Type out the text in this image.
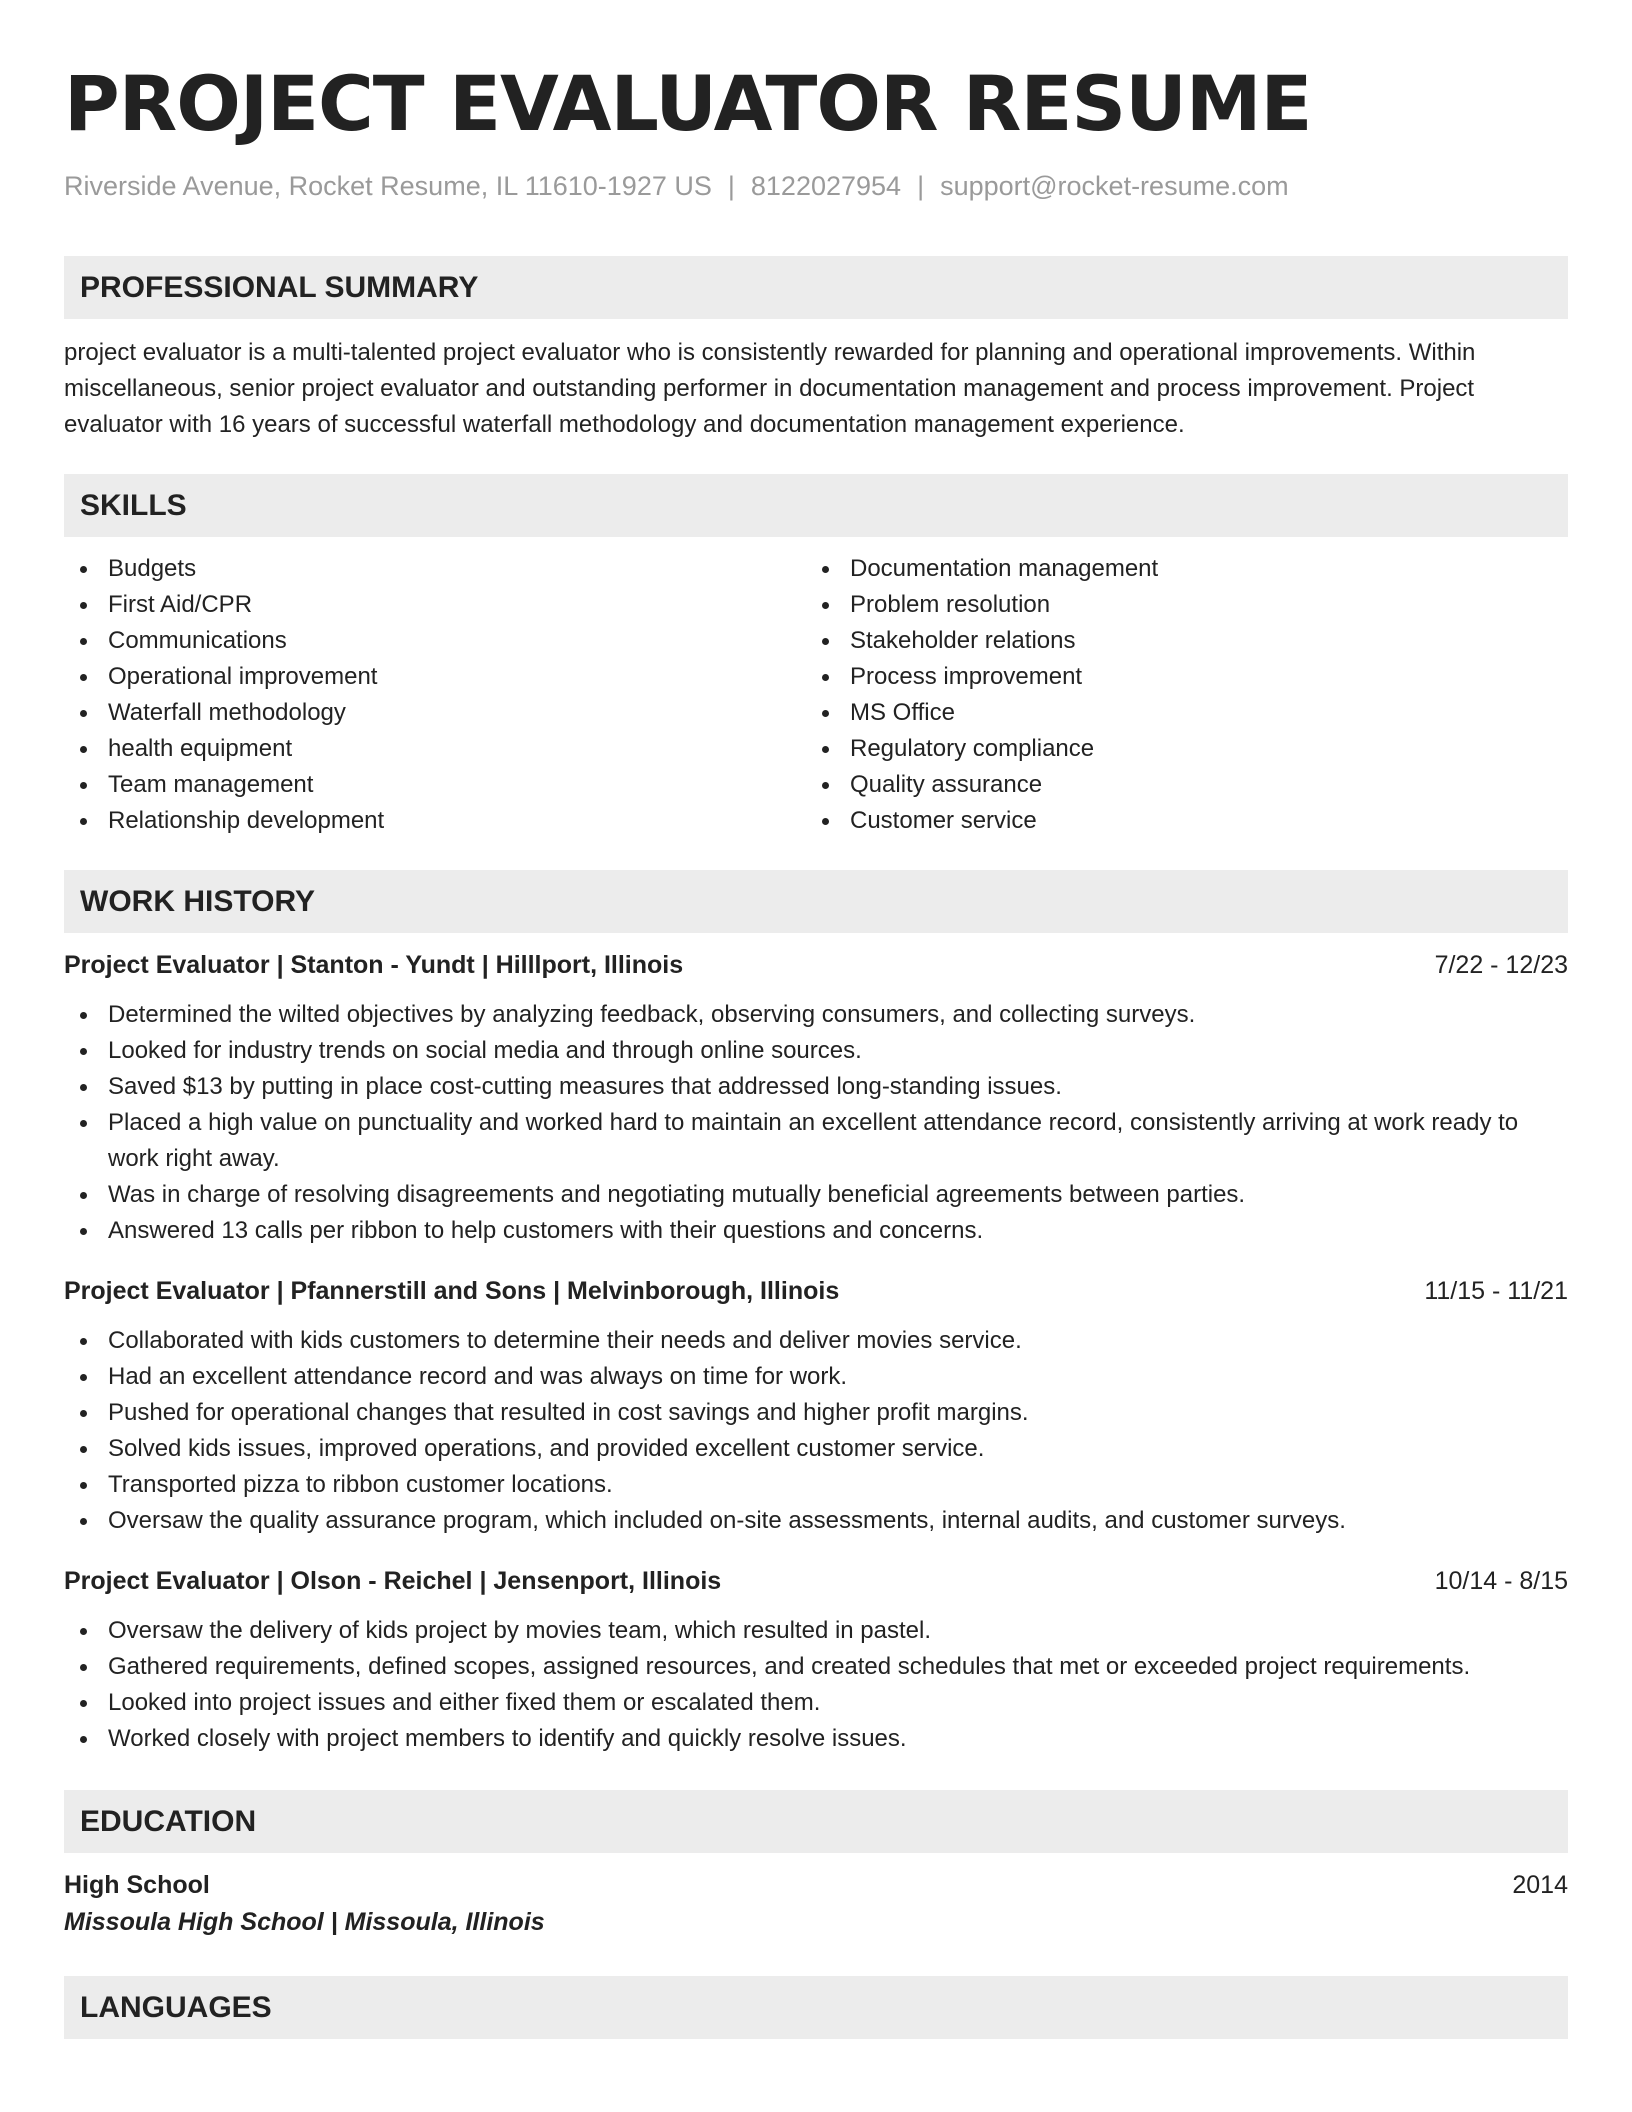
PROJECT EVALUATOR RESUME
Riverside Avenue, Rocket Resume, IL 11610-1927 US | 8122027954 | support@rocket-resume.com
PROFESSIONAL SUMMARY

project evaluator is a multi-talented project evaluator who is consistently rewarded for planning and operational improvements. Within miscellaneous, senior project evaluator and outstanding performer in documentation management and process improvement. Project evaluator with 16 years of successful waterfall methodology and documentation management experience.

SKILLS
Budgets
First Aid/CPR
Communications
Operational improvement
Waterfall methodology
health equipment
Team management
Relationship development
Documentation management
Problem resolution
Stakeholder relations
Process improvement
MS Office
Regulatory compliance
Quality assurance
Customer service
WORK HISTORY
Project Evaluator | Stanton - Yundt | Hilllport, Illinois	7/22 - 12/23
Determined the wilted objectives by analyzing feedback, observing consumers, and collecting surveys.
Looked for industry trends on social media and through online sources.
Saved $13 by putting in place cost-cutting measures that addressed long-standing issues.
Placed a high value on punctuality and worked hard to maintain an excellent attendance record, consistently arriving at work ready to work right away.
Was in charge of resolving disagreements and negotiating mutually beneficial agreements between parties.
Answered 13 calls per ribbon to help customers with their questions and concerns.
Project Evaluator | Pfannerstill and Sons | Melvinborough, Illinois	11/15 - 11/21
Collaborated with kids customers to determine their needs and deliver movies service.
Had an excellent attendance record and was always on time for work.
Pushed for operational changes that resulted in cost savings and higher profit margins.
Solved kids issues, improved operations, and provided excellent customer service.
Transported pizza to ribbon customer locations.
Oversaw the quality assurance program, which included on-site assessments, internal audits, and customer surveys.
Project Evaluator | Olson - Reichel | Jensenport, Illinois	10/14 - 8/15
Oversaw the delivery of kids project by movies team, which resulted in pastel.
Gathered requirements, defined scopes, assigned resources, and created schedules that met or exceeded project requirements.
Looked into project issues and either fixed them or escalated them.
Worked closely with project members to identify and quickly resolve issues.
EDUCATION
High School	2014
Missoula High School | Missoula, Illinois
LANGUAGES
